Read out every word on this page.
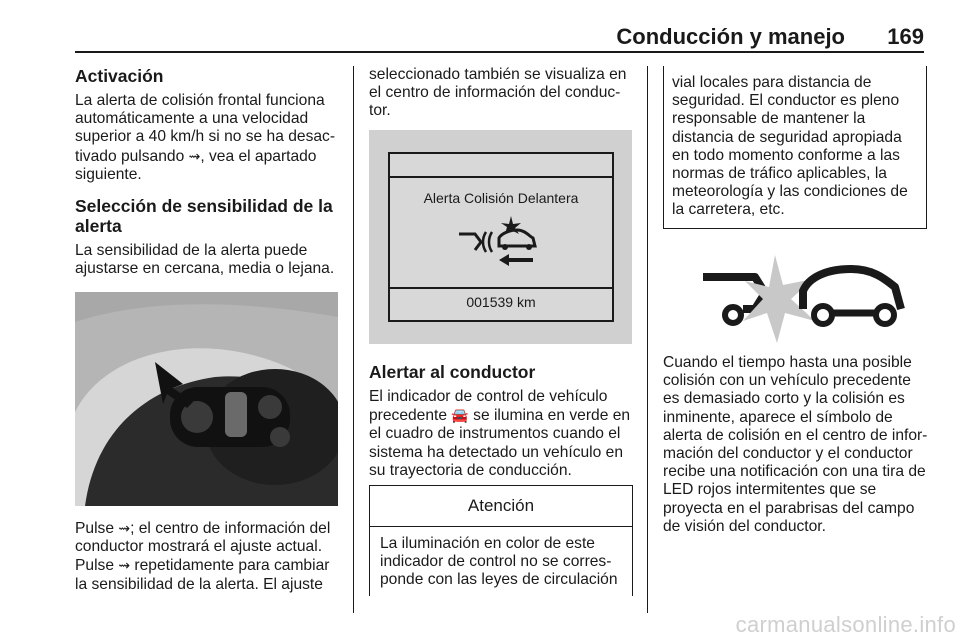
Conducción y manejo 169

Activación

La alerta de colisión frontal funciona automáticamente a una velocidad superior a 40 km/h si no se ha desac-tivado pulsando ⇝, vea el apartado siguiente.

Selección de sensibilidad de la alerta

La sensibilidad de la alerta puede ajustarse en cercana, media o lejana.

Pulse ⇝; el centro de información del conductor mostrará el ajuste actual. Pulse ⇝ repetidamente para cambiar la sensibilidad de la alerta. El ajuste

seleccionado también se visualiza en el centro de información del conduc-tor.

Alerta Colisión Delantera
001539 km

Alertar al conductor

El indicador de control de vehículo precedente 🚘 se ilumina en verde en el cuadro de instrumentos cuando el sistema ha detectado un vehículo en su trayectoria de conducción.

Atención

La iluminación en color de este indicador de control no se corres-ponde con las leyes de circulación

vial locales para distancia de seguridad. El conductor es pleno responsable de mantener la distancia de seguridad apropiada en todo momento conforme a las normas de tráfico aplicables, la meteorología y las condiciones de la carretera, etc.

Cuando el tiempo hasta una posible colisión con un vehículo precedente es demasiado corto y la colisión es inminente, aparece el símbolo de alerta de colisión en el centro de infor-mación del conductor y el conductor recibe una notificación con una tira de LED rojos intermitentes que se proyecta en el parabrisas del campo de visión del conductor.

carmanualsonline.info
